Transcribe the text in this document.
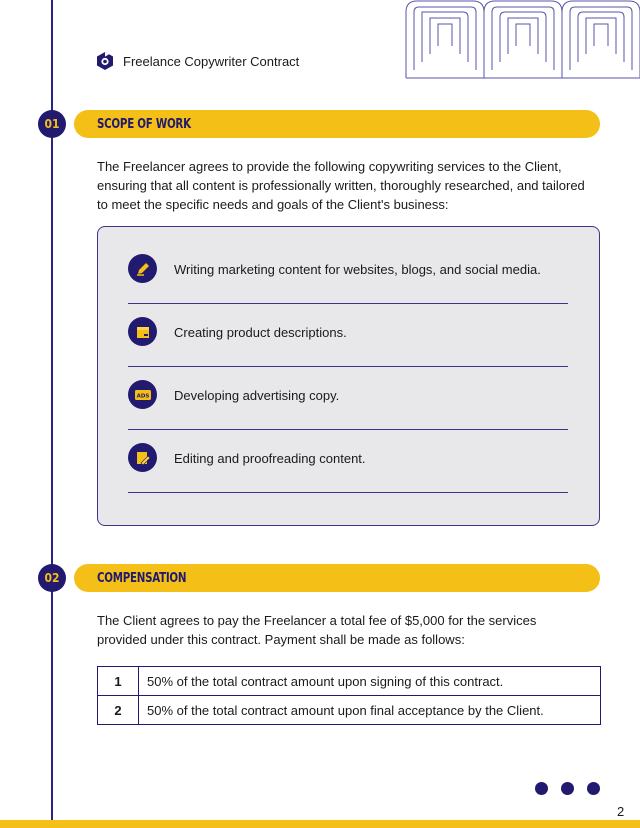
Freelance Copywriter Contract
01	SCOPE OF WORK

The Freelancer agrees to provide the following copywriting services to the Client, ensuring that all content is professionally written, thoroughly researched, and tailored to meet the specific needs and goals of the Client's business:

Writing marketing content for websites, blogs, and social media.
Creating product descriptions.
ADS Developing advertising copy.
Editing and proofreading content.
02	COMPENSATION

The Client agrees to pay the Freelancer a total fee of $5,000 for the services provided under this contract. Payment shall be made as follows:

1	50% of the total contract amount upon signing of this contract.
2	50% of the total contract amount upon final acceptance by the Client.
2
